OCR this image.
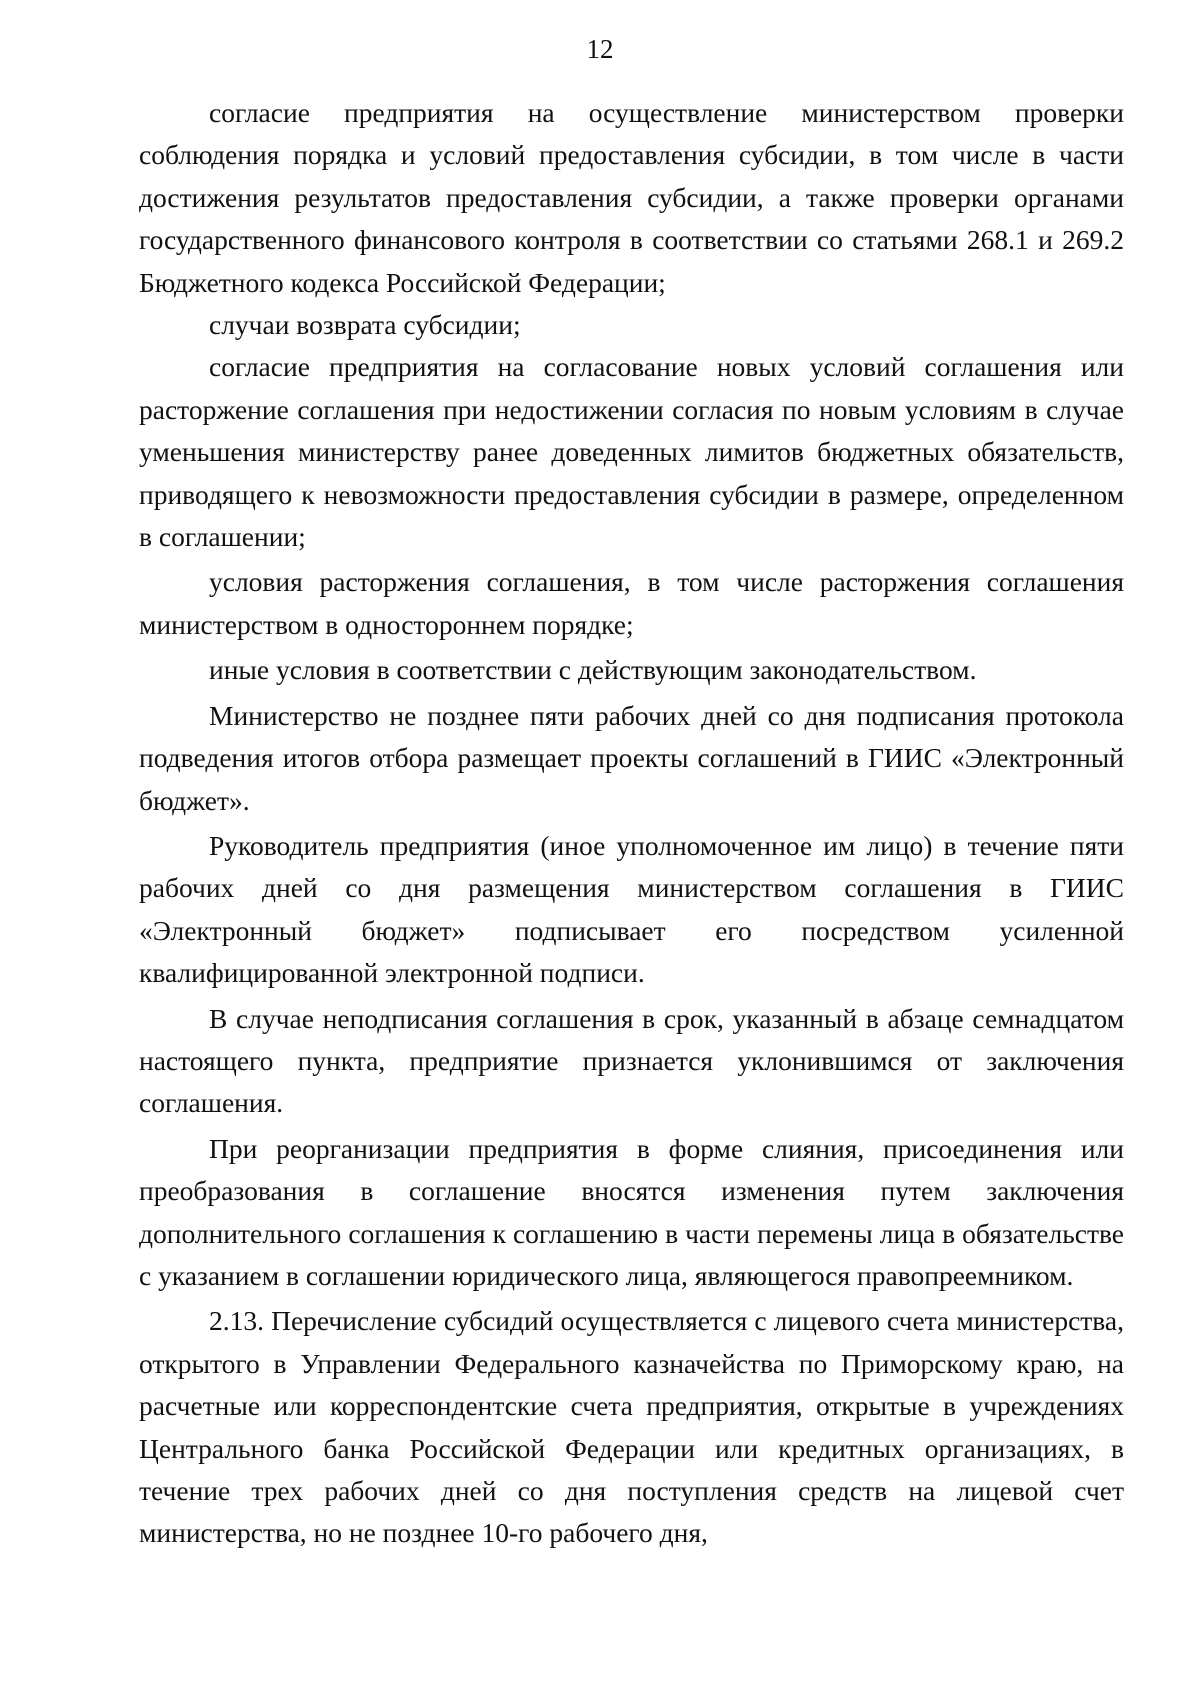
12

согласие предприятия на осуществление министерством проверки соблюдения порядка и условий предоставления субсидии, в том числе в части достижения результатов предоставления субсидии, а также проверки органами государственного финансового контроля в соответствии со статьями 268.1 и 269.2 Бюджетного кодекса Российской Федерации;

случаи возврата субсидии;

согласие предприятия на согласование новых условий соглашения или расторжение соглашения при недостижении согласия по новым условиям в случае уменьшения министерству ранее доведенных лимитов бюджетных обязательств, приводящего к невозможности предоставления субсидии в размере, определенном в соглашении;

условия расторжения соглашения, в том числе расторжения соглашения министерством в одностороннем порядке;

иные условия в соответствии с действующим законодательством.

Министерство не позднее пяти рабочих дней со дня подписания протокола подведения итогов отбора размещает проекты соглашений в ГИИС «Электронный бюджет».

Руководитель предприятия (иное уполномоченное им лицо) в течение пяти рабочих дней со дня размещения министерством соглашения в ГИИС «Электронный бюджет» подписывает его посредством усиленной квалифицированной электронной подписи.

В случае неподписания соглашения в срок, указанный в абзаце семнадцатом настоящего пункта, предприятие признается уклонившимся от заключения соглашения.

При реорганизации предприятия в форме слияния, присоединения или преобразования в соглашение вносятся изменения путем заключения дополнительного соглашения к соглашению в части перемены лица в обязательстве с указанием в соглашении юридического лица, являющегося правопреемником.

2.13. Перечисление субсидий осуществляется с лицевого счета министерства, открытого в Управлении Федерального казначейства по Приморскому краю, на расчетные или корреспондентские счета предприятия, открытые в учреждениях Центрального банка Российской Федерации или кредитных организациях, в течение трех рабочих дней со дня поступления средств на лицевой счет министерства, но не позднее 10-го рабочего дня,
